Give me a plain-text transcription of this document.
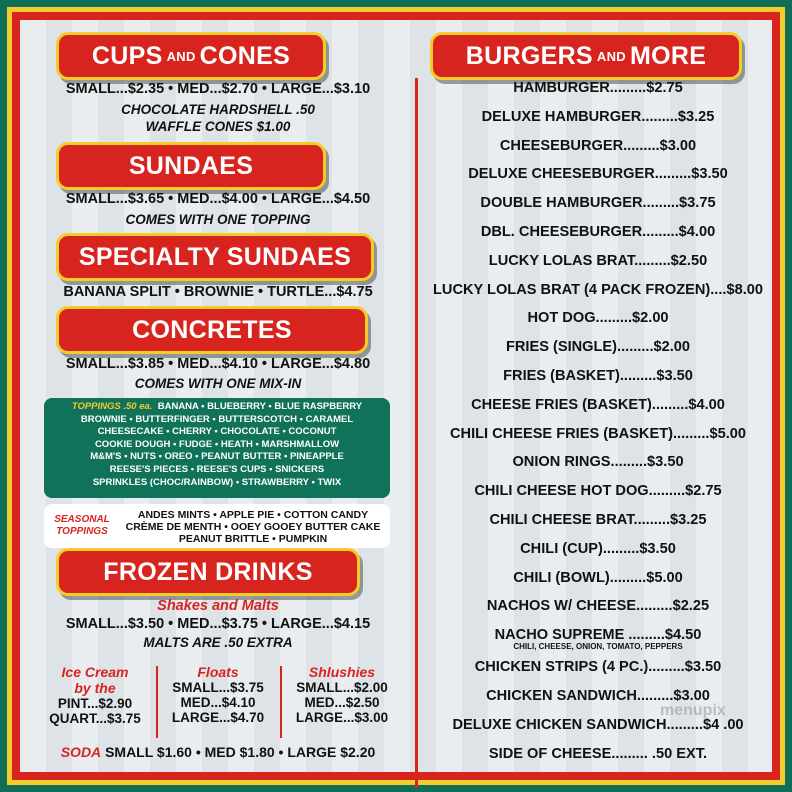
CUPS AND CONES
SMALL...$2.35 • MED...$2.70 • LARGE...$3.10
CHOCOLATE HARDSHELL .50
WAFFLE CONES $1.00
SUNDAES
SMALL...$3.65 • MED...$4.00 • LARGE...$4.50
COMES WITH ONE TOPPING
SPECIALTY SUNDAES
BANANA SPLIT • BROWNIE • TURTLE...$4.75
CONCRETES
SMALL...$3.85 • MED...$4.10 • LARGE...$4.80
COMES WITH ONE MIX-IN
TOPPINGS .50 ea. BANANA • BLUEBERRY • BLUE RASPBERRY
BROWNIE • BUTTERFINGER • BUTTERSCOTCH • CARAMEL
CHEESECAKE • CHERRY • CHOCOLATE • COCONUT
COOKIE DOUGH • FUDGE • HEATH • MARSHMALLOW
M&M'S • NUTS • OREO • PEANUT BUTTER • PINEAPPLE
REESE'S PIECES • REESE'S CUPS • SNICKERS
SPRINKLES (CHOC/RAINBOW) • STRAWBERRY • TWIX
SEASONAL
TOPPINGS
ANDES MINTS • APPLE PIE • COTTON CANDY
CRÈME DE MENTH • OOEY GOOEY BUTTER CAKE
PEANUT BRITTLE • PUMPKIN
FROZEN DRINKS
Shakes and Malts
SMALL...$3.50 • MED...$3.75 • LARGE...$4.15
MALTS ARE .50 EXTRA
Ice Cream
by the
PINT...$2.90
QUART...$3.75
Floats
SMALL...$3.75
MED...$4.10
LARGE...$4.70
Shlushies
SMALL...$2.00
MED...$2.50
LARGE...$3.00
SODA SMALL $1.60 • MED $1.80 • LARGE $2.20
BURGERS AND MORE
HAMBURGER.........$2.75
DELUXE HAMBURGER.........$3.25
CHEESEBURGER.........$3.00
DELUXE CHEESEBURGER.........$3.50
DOUBLE HAMBURGER.........$3.75
DBL. CHEESEBURGER.........$4.00
LUCKY LOLAS BRAT.........$2.50
LUCKY LOLAS BRAT (4 PACK FROZEN)....$8.00
HOT DOG.........$2.00
FRIES (SINGLE).........$2.00
FRIES (BASKET).........$3.50
CHEESE FRIES (BASKET).........$4.00
CHILI CHEESE FRIES (BASKET).........$5.00
ONION RINGS.........$3.50
CHILI CHEESE HOT DOG.........$2.75
CHILI CHEESE BRAT.........$3.25
CHILI (CUP).........$3.50
CHILI (BOWL).........$5.00
NACHOS W/ CHEESE.........$2.25
NACHO SUPREME .........$4.50
CHILI, CHEESE, ONION, TOMATO, PEPPERS
CHICKEN STRIPS (4 PC.).........$3.50
CHICKEN SANDWICH.........$3.00
DELUXE CHICKEN SANDWICH.........$4 .00
SIDE OF CHEESE......... .50 EXT.
menupix
